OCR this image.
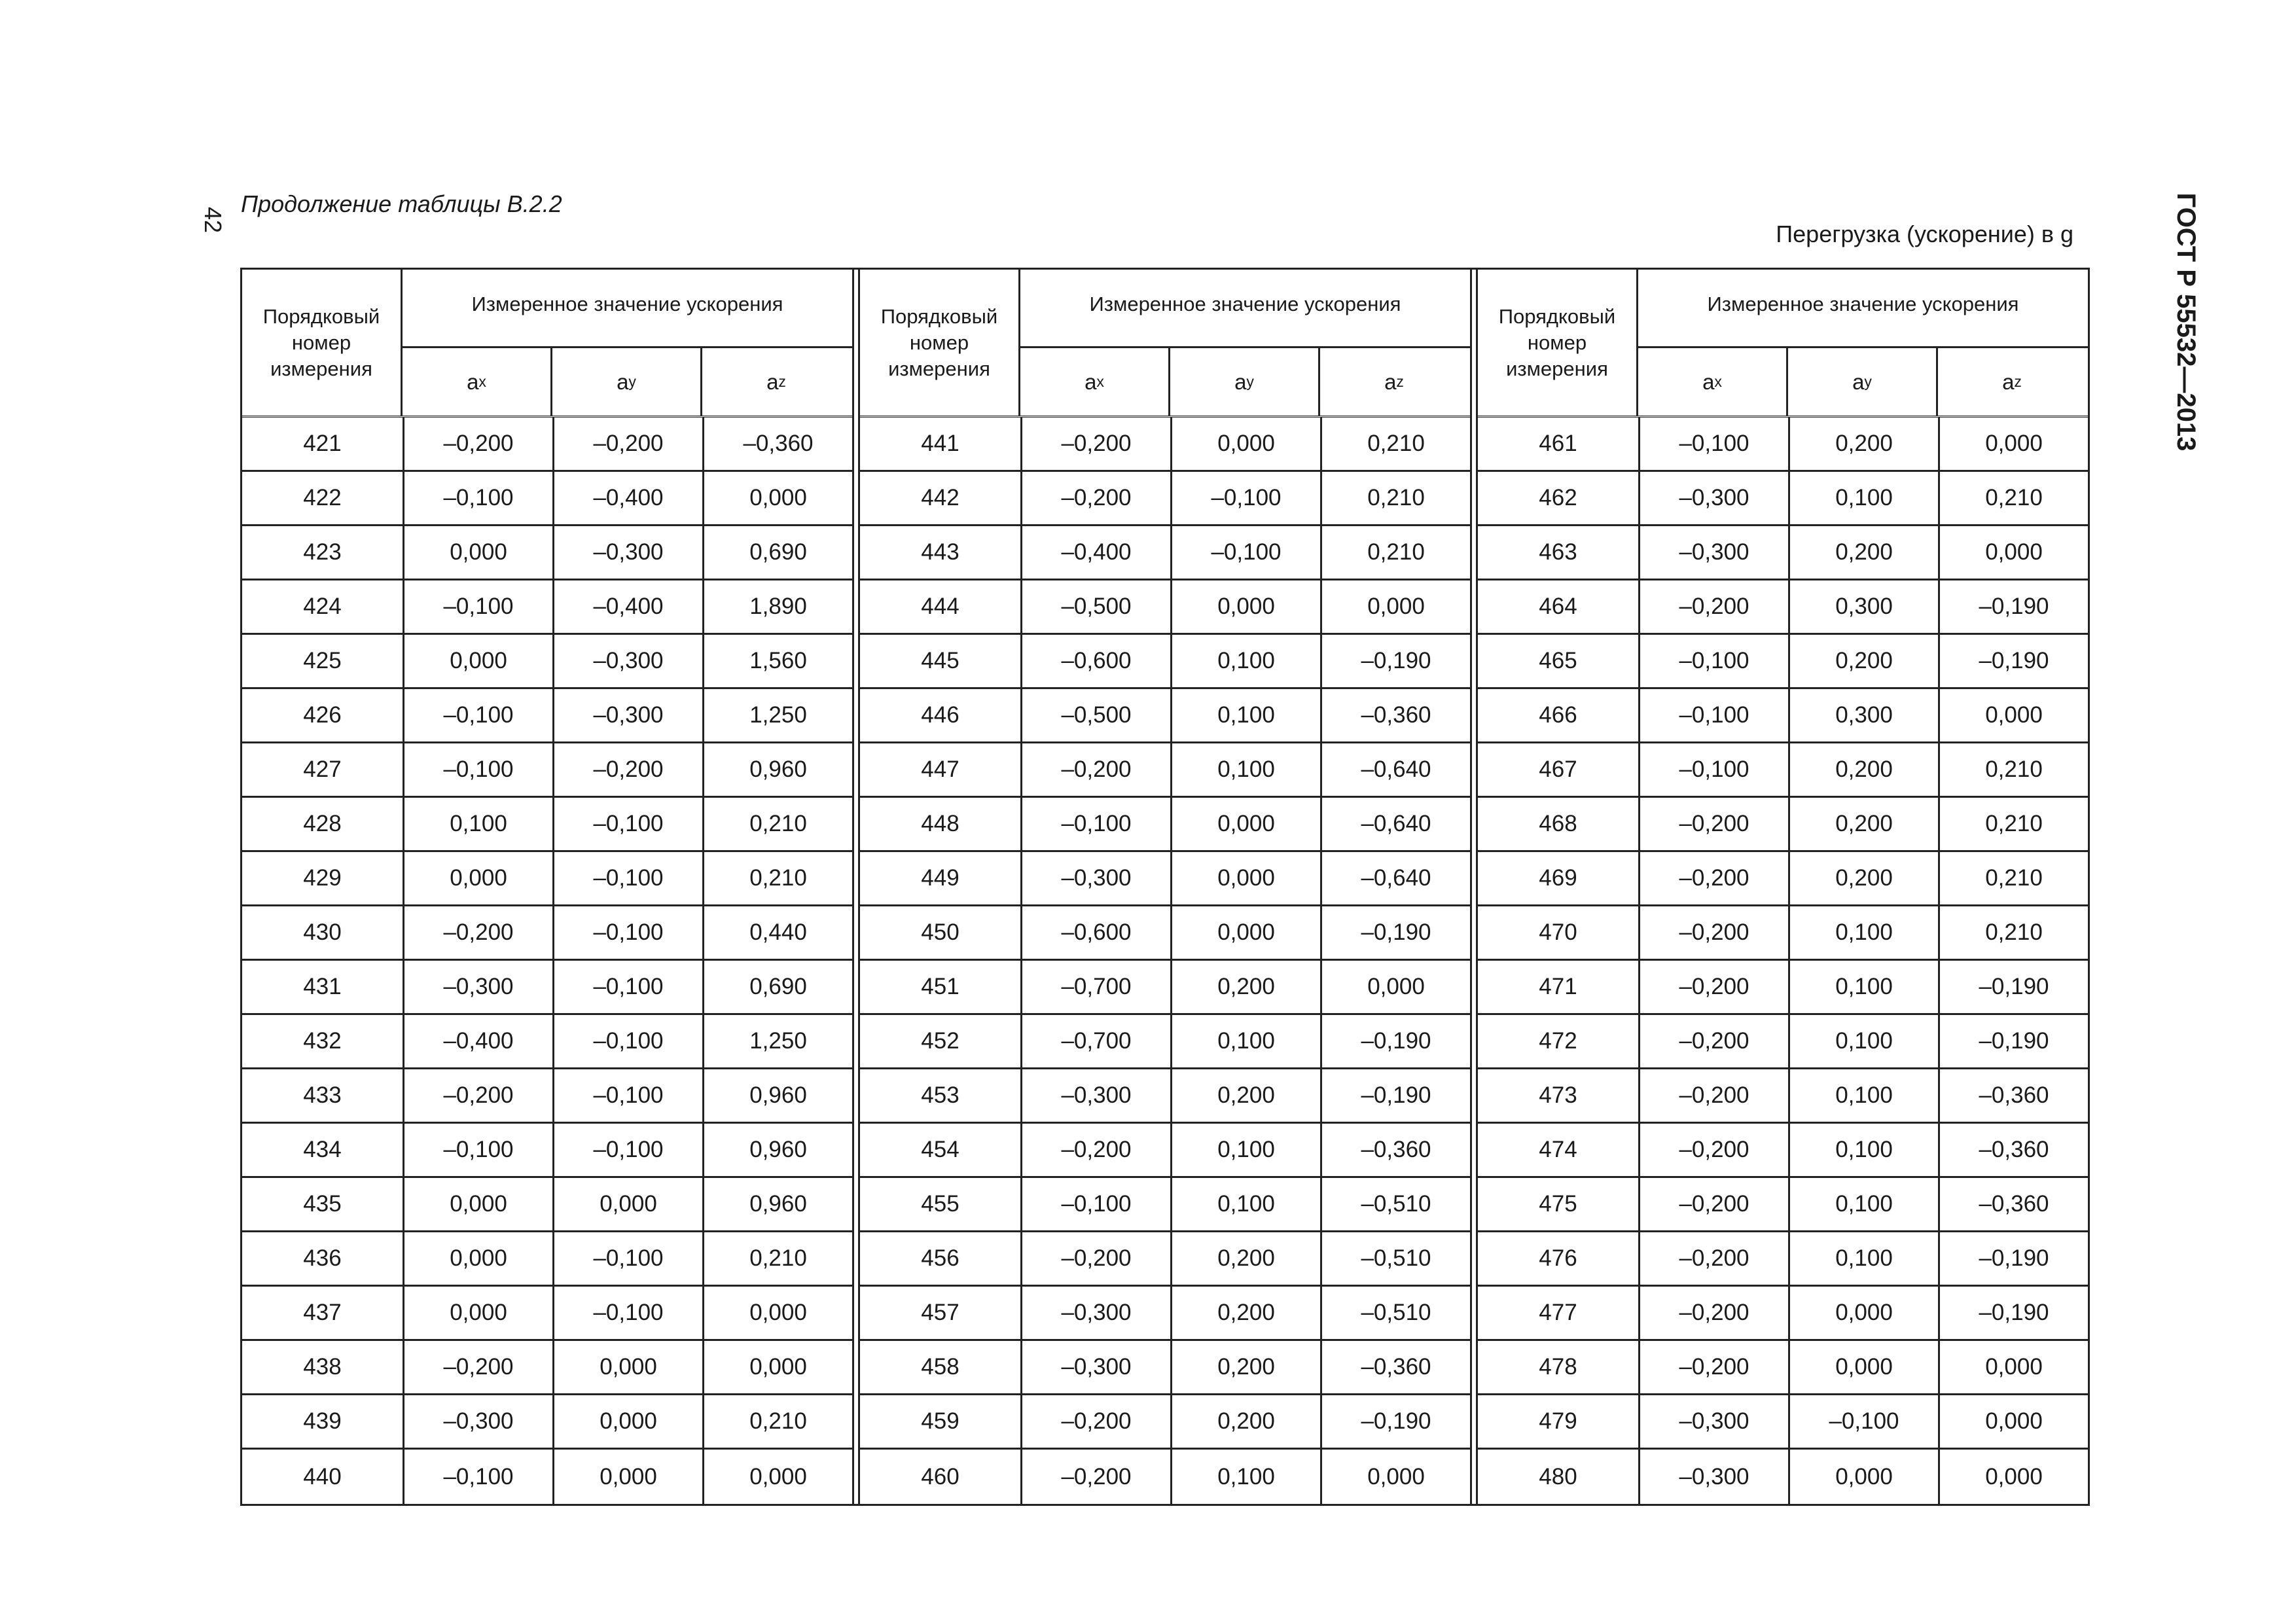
42
Продолжение таблицы В.2.2	ГОСТ Р 55532—2013
Перегрузка (ускорение) в g
Порядковый номер измерения
Измеренное значение ускорения
a x	a y	a z
421	–0,200	–0,200	–0,360
422	–0,100	–0,400	0,000
423	0,000	–0,300	0,690
424	–0,100	–0,400	1,890
425	0,000	–0,300	1,560
426	–0,100	–0,300	1,250
427	–0,100	–0,200	0,960
428	0,100	–0,100	0,210
429	0,000	–0,100	0,210
430	–0,200	–0,100	0,440
431	–0,300	–0,100	0,690
432	–0,400	–0,100	1,250
433	–0,200	–0,100	0,960
434	–0,100	–0,100	0,960
435	0,000	0,000	0,960
436	0,000	–0,100	0,210
437	0,000	–0,100	0,000
438	–0,200	0,000	0,000
439	–0,300	0,000	0,210
440	–0,100	0,000	0,000
Порядковый номер измерения
Измеренное значение ускорения
a x	a y	a z
441	–0,200	0,000	0,210
442	–0,200	–0,100	0,210
443	–0,400	–0,100	0,210
444	–0,500	0,000	0,000
445	–0,600	0,100	–0,190
446	–0,500	0,100	–0,360
447	–0,200	0,100	–0,640
448	–0,100	0,000	–0,640
449	–0,300	0,000	–0,640
450	–0,600	0,000	–0,190
451	–0,700	0,200	0,000
452	–0,700	0,100	–0,190
453	–0,300	0,200	–0,190
454	–0,200	0,100	–0,360
455	–0,100	0,100	–0,510
456	–0,200	0,200	–0,510
457	–0,300	0,200	–0,510
458	–0,300	0,200	–0,360
459	–0,200	0,200	–0,190
460	–0,200	0,100	0,000
Порядковый номер измерения
Измеренное значение ускорения
a x	a y	a z
461	–0,100	0,200	0,000
462	–0,300	0,100	0,210
463	–0,300	0,200	0,000
464	–0,200	0,300	–0,190
465	–0,100	0,200	–0,190
466	–0,100	0,300	0,000
467	–0,100	0,200	0,210
468	–0,200	0,200	0,210
469	–0,200	0,200	0,210
470	–0,200	0,100	0,210
471	–0,200	0,100	–0,190
472	–0,200	0,100	–0,190
473	–0,200	0,100	–0,360
474	–0,200	0,100	–0,360
475	–0,200	0,100	–0,360
476	–0,200	0,100	–0,190
477	–0,200	0,000	–0,190
478	–0,200	0,000	0,000
479	–0,300	–0,100	0,000
480	–0,300	0,000	0,000
